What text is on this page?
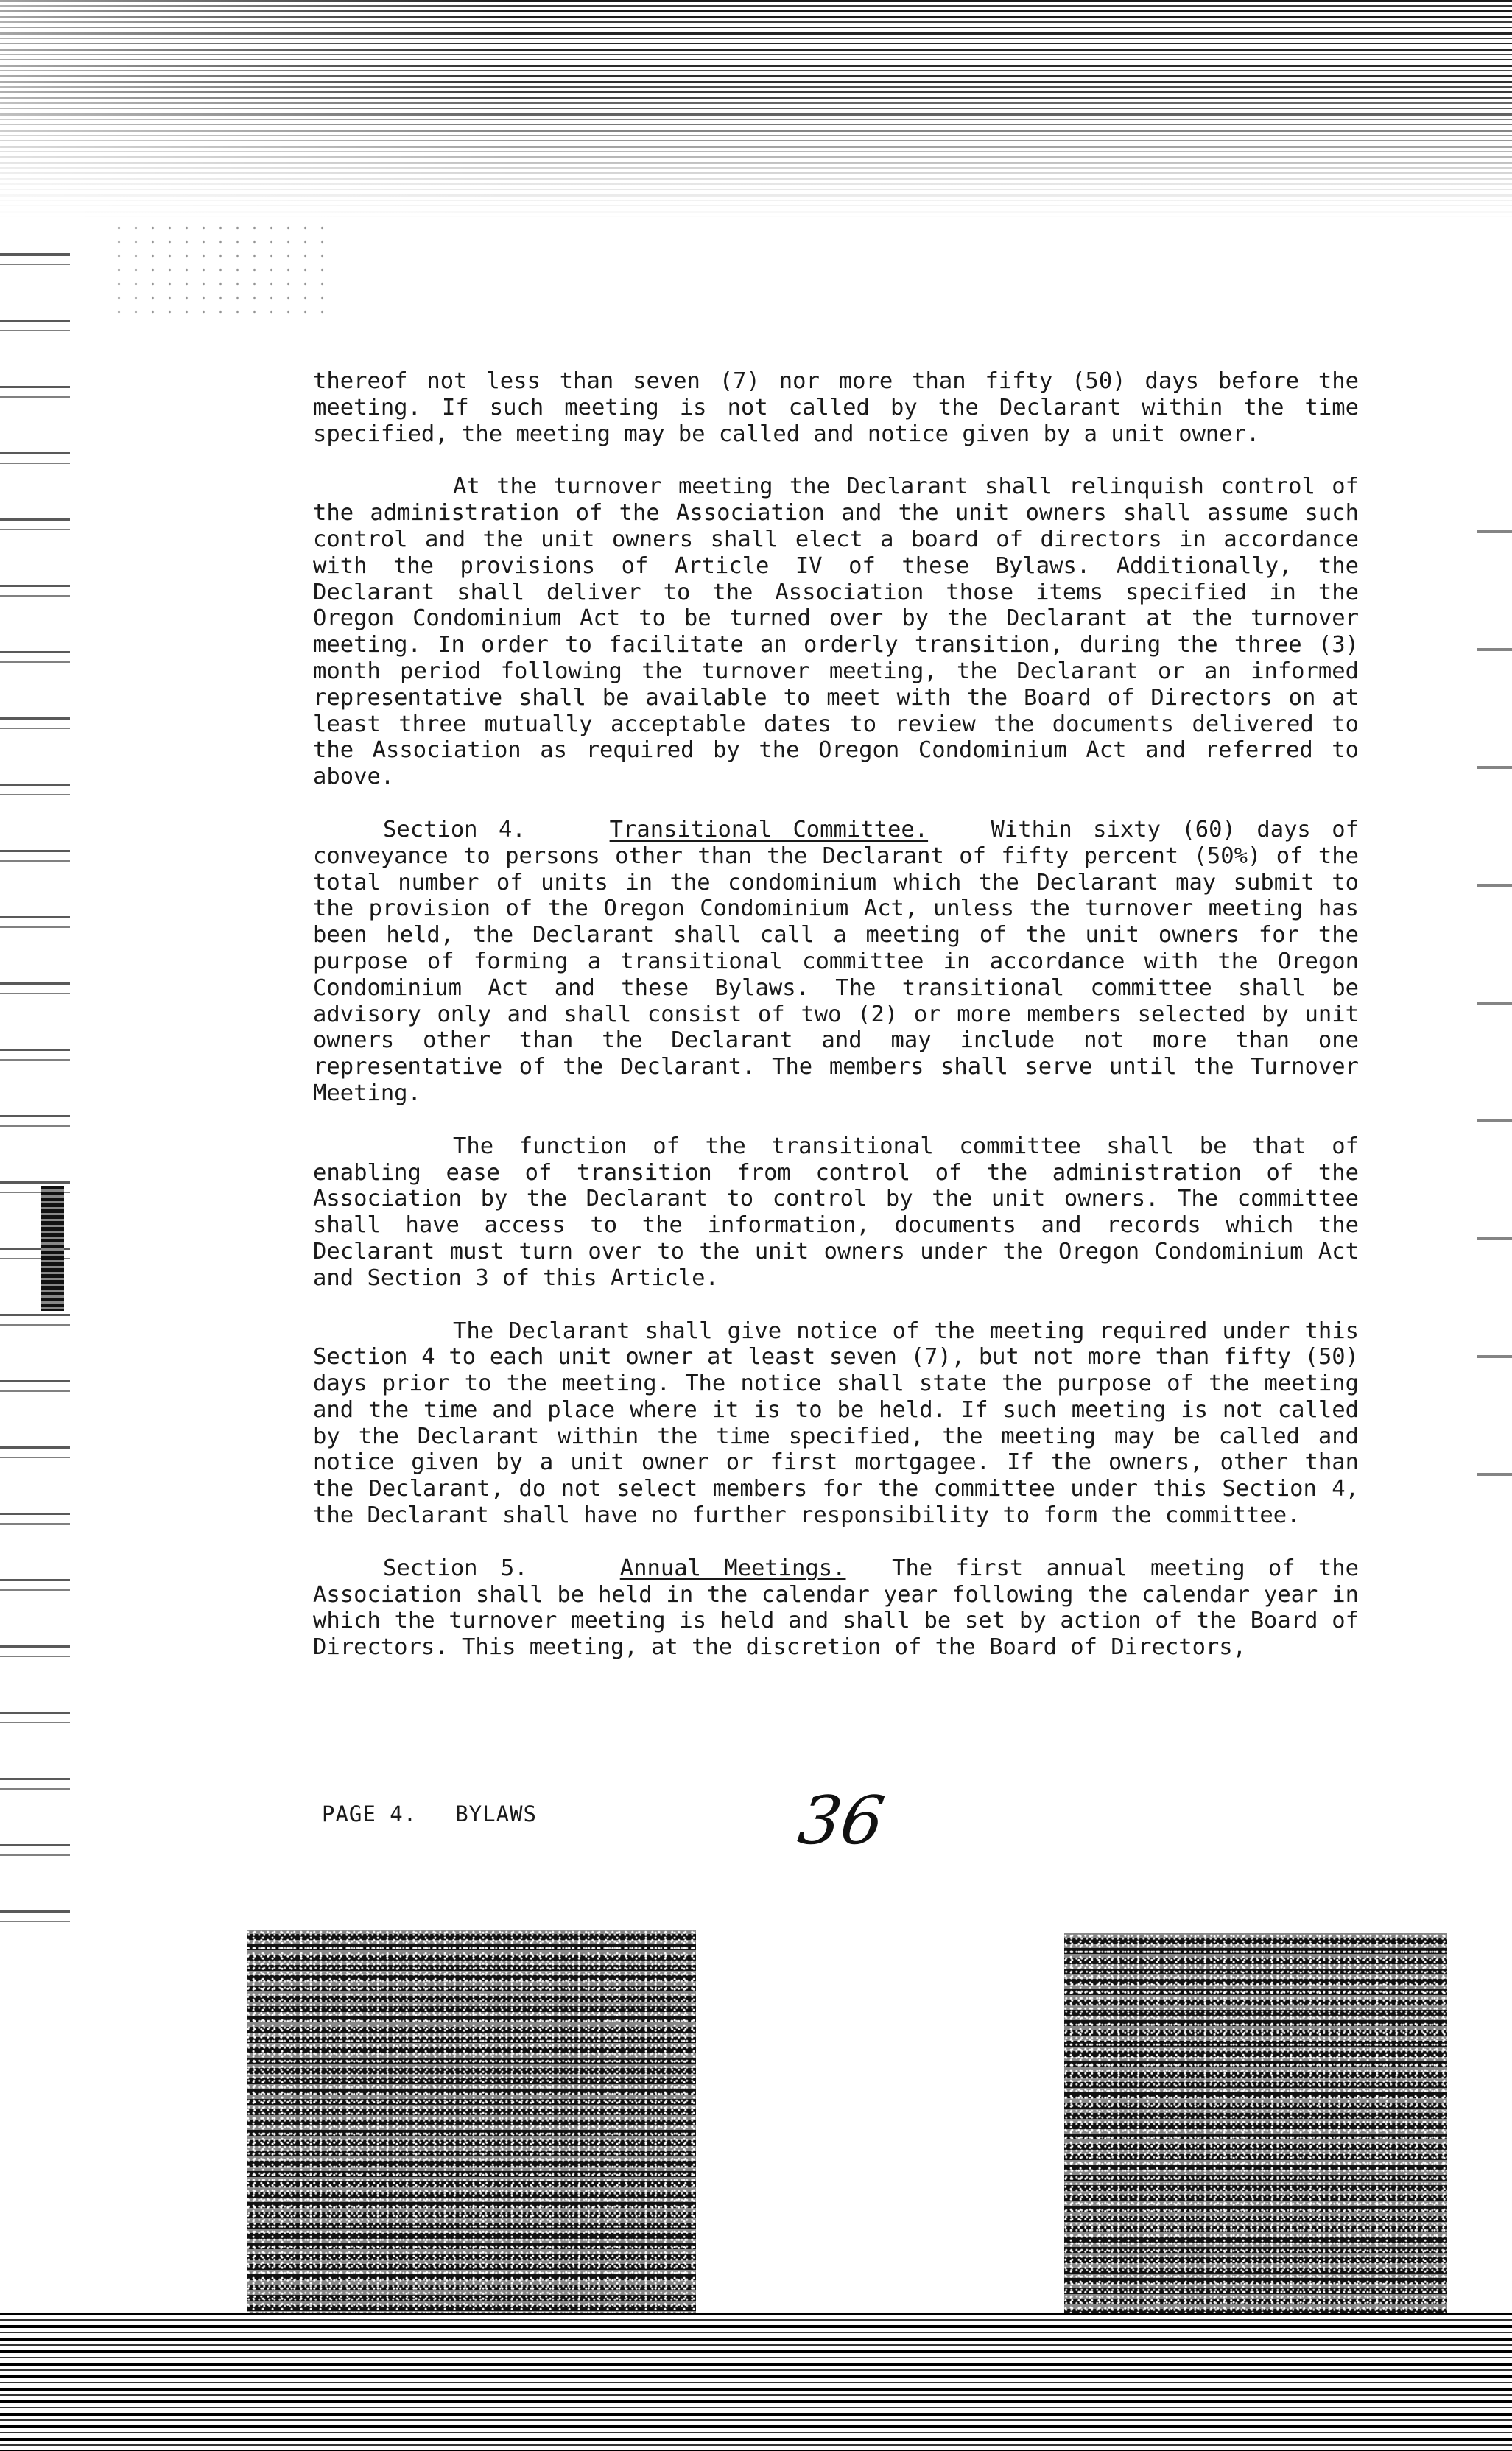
thereof not less than seven (7) nor more than fifty (50) days before the meeting. If such meeting is not called by the Declarant within the time specified, the meeting may be called and notice given by a unit owner.

At the turnover meeting the Declarant shall relinquish control of the administration of the Association and the unit owners shall assume such control and the unit owners shall elect a board of directors in accordance with the provisions of Article IV of these Bylaws. Additionally, the Declarant shall deliver to the Association those items specified in the Oregon Condominium Act to be turned over by the Declarant at the turnover meeting. In order to facilitate an orderly transition, during the three (3) month period following the turnover meeting, the Declarant or an informed representative shall be available to meet with the Board of Directors on at least three mutually acceptable dates to review the documents delivered to the Association as required by the Oregon Condominium Act and referred to above.

Section 4.	Transitional Committee.	Within sixty (60) days of conveyance to persons other than the Declarant of fifty percent (50%) of the total number of units in the condominium which the Declarant may submit to the provision of the Oregon Condominium Act, unless the turnover meeting has been held, the Declarant shall call a meeting of the unit owners for the purpose of forming a transitional committee in accordance with the Oregon Condominium Act and these Bylaws. The transitional committee shall be advisory only and shall consist of two (2) or more members selected by unit owners other than the Declarant and may include not more than one representative of the Declarant. The members shall serve until the Turnover Meeting.

The function of the transitional committee shall be that of enabling ease of transition from control of the administration of the Association by the Declarant to control by the unit owners. The committee shall have access to the information, documents and records which the Declarant must turn over to the unit owners under the Oregon Condominium Act and Section 3 of this Article.

The Declarant shall give notice of the meeting required under this Section 4 to each unit owner at least seven (7), but not more than fifty (50) days prior to the meeting. The notice shall state the purpose of the meeting and the time and place where it is to be held. If such meeting is not called by the Declarant within the time specified, the meeting may be called and notice given by a unit owner or first mortgagee. If the owners, other than the Declarant, do not select members for the committee under this Section 4, the Declarant shall have no further responsibility to form the committee.

Section 5.	Annual Meetings. The first annual meeting of the Association shall be held in the calendar year following the calendar year in which the turnover meeting is held and shall be set by action of the Board of Directors. This meeting, at the discretion of the Board of Directors,

PAGE 4. BYLAWS	36
